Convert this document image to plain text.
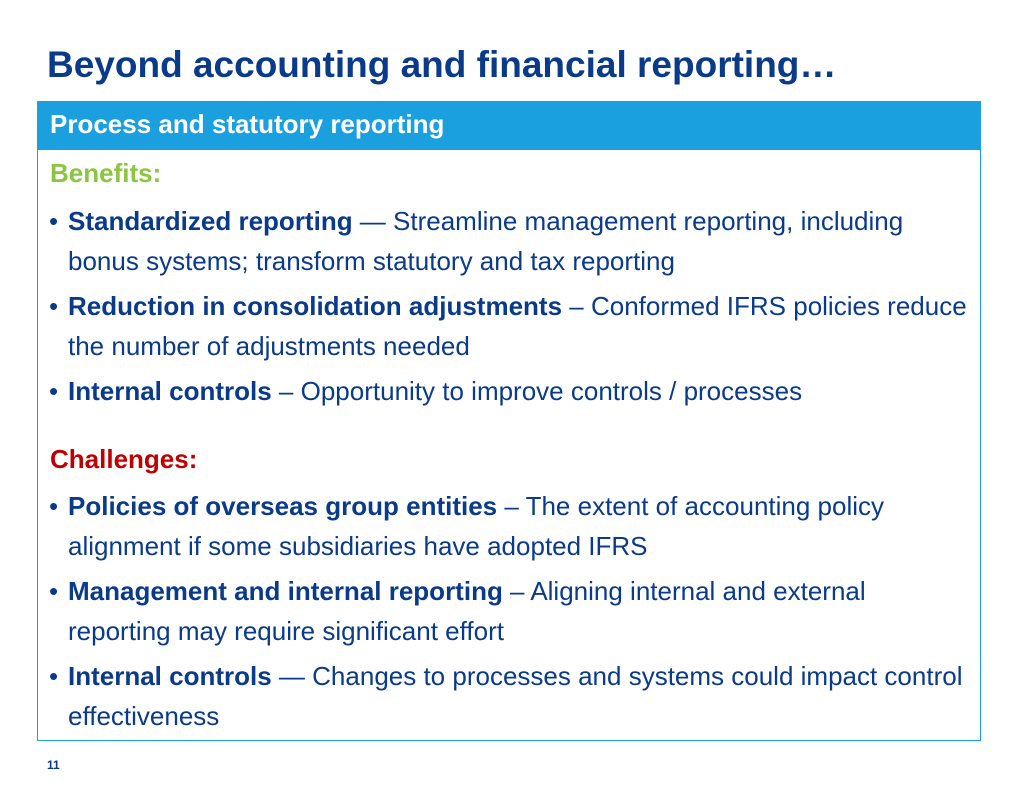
Beyond accounting and financial reporting…
Process and statutory reporting
Benefits:
• Standardized reporting — Streamline management reporting, including bonus systems; transform statutory and tax reporting
• Reduction in consolidation adjustments – Conformed IFRS policies reduce the number of adjustments needed
• Internal controls – Opportunity to improve controls / processes
Challenges:
• Policies of overseas group entities – The extent of accounting policy alignment if some subsidiaries have adopted IFRS
• Management and internal reporting – Aligning internal and external reporting may require significant effort
• Internal controls — Changes to processes and systems could impact control effectiveness
11
